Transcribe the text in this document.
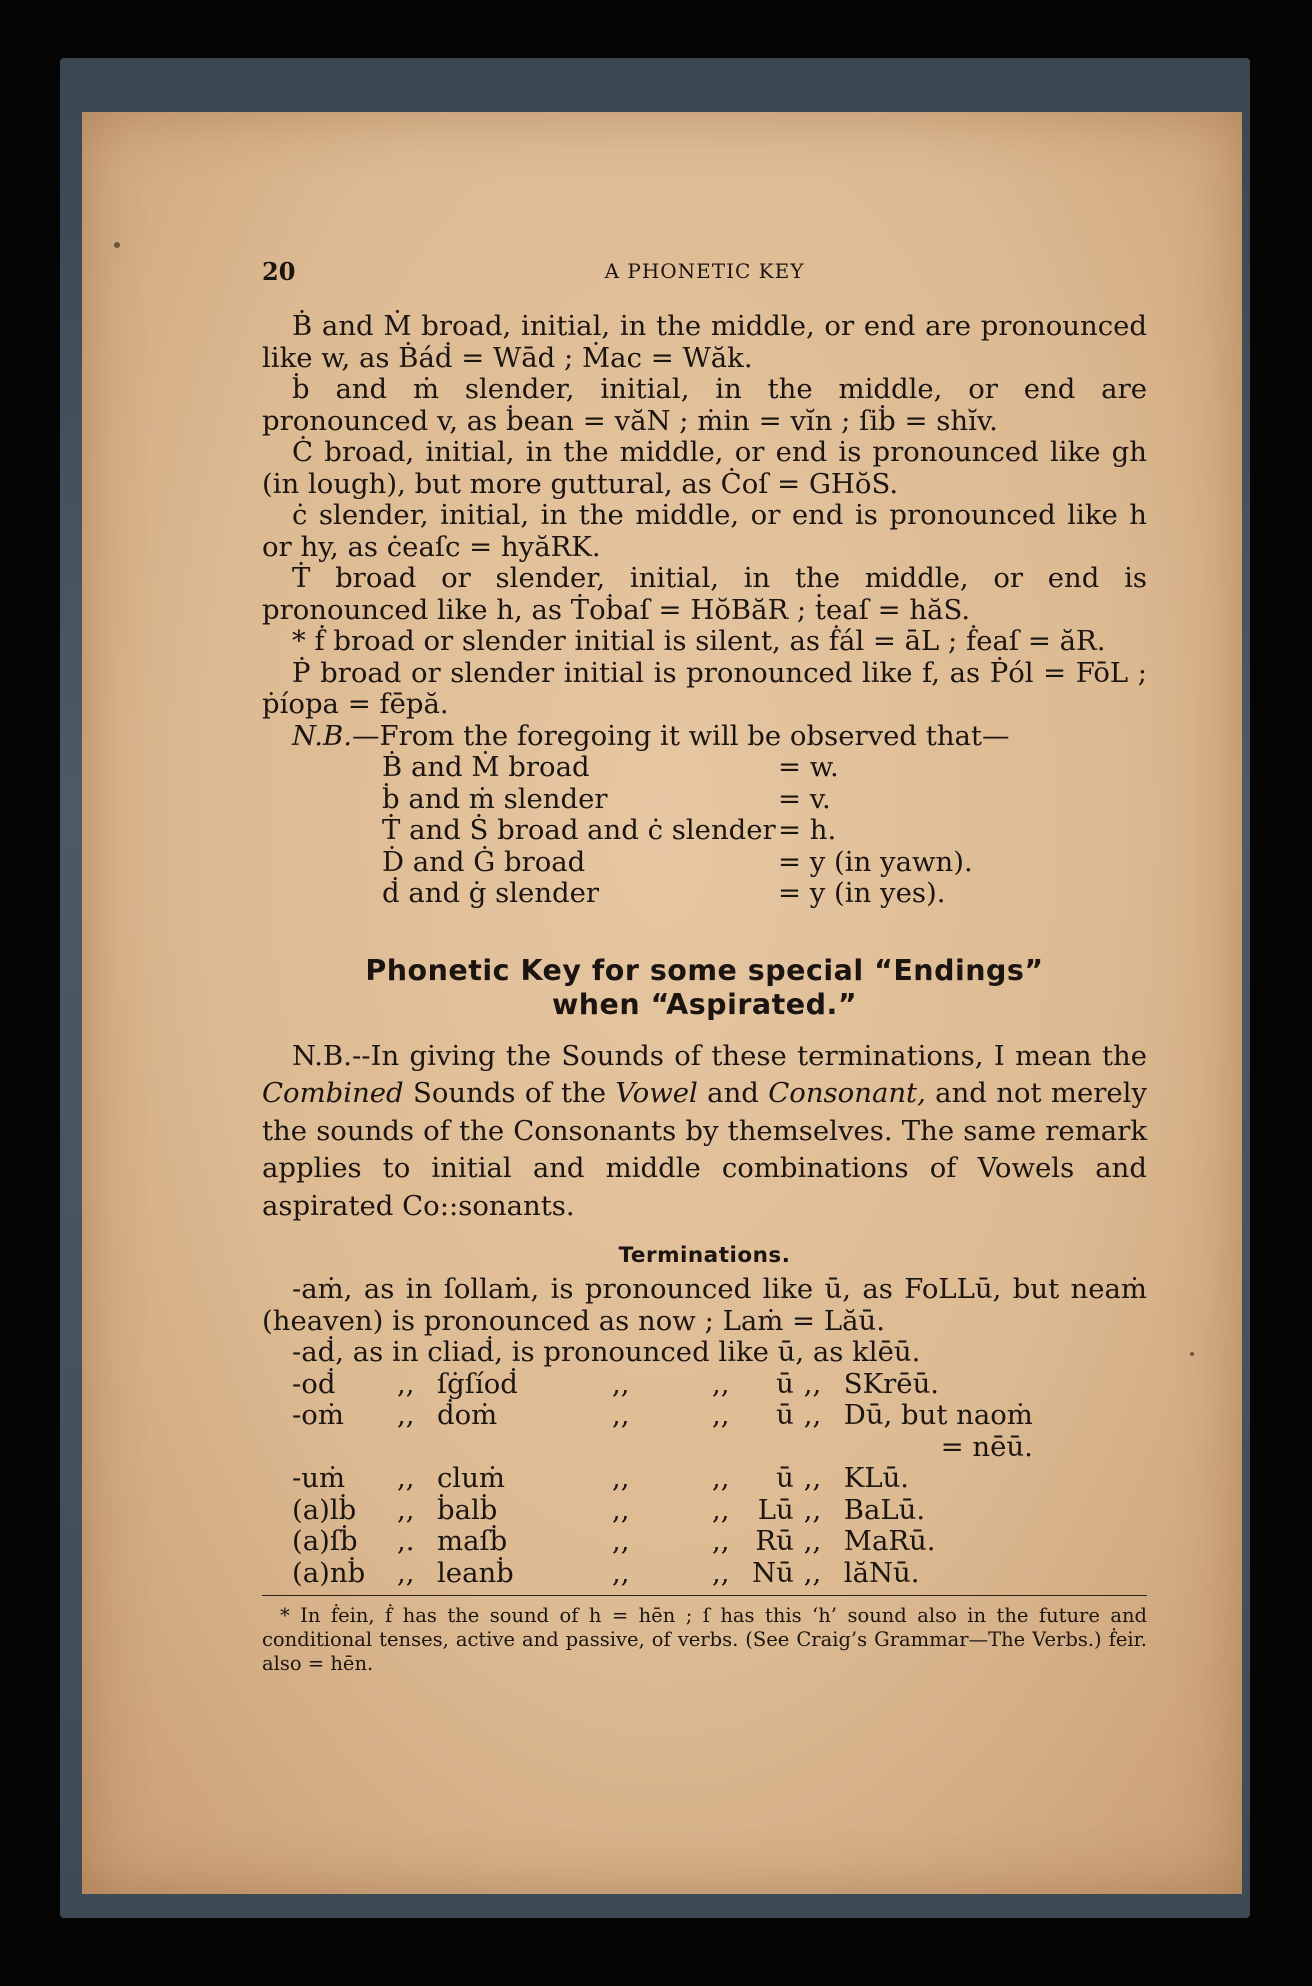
20	A PHONETIC KEY

Ḃ and Ṁ broad, initial, in the middle, or end are pronounced like w, as Ḃáḋ = Wād ; Ṁac = Wăk.

ḃ and ṁ slender, initial, in the middle, or end are pronounced v, as ḃean = văN ; ṁin = vĭn ; ſiḃ = shĭv.

Ċ broad, initial, in the middle, or end is pronounced like gh (in lough), but more guttural, as Ċoſ = GHŏS.

ċ slender, initial, in the middle, or end is pronounced like h or hy, as ċeaſc = hyăRK.

Ṫ broad or slender, initial, in the middle, or end is pronounced like h, as Ṫoḃaſ = HŏBăR ; ṫeaſ = hăS.

* ḟ broad or slender initial is silent, as ḟál = āL ; ḟeaſ = ăR.

Ṗ broad or slender initial is pronounced like f, as Ṗól = FōL ; ṗíopa = fēpă.

N.B.—From the foregoing it will be observed that—

Ḃ and Ṁ broad	= w.
ḃ and ṁ slender	= v.
Ṫ and Ṡ broad and ċ slender	= h.
Ḋ and Ġ broad	= y (in yawn).
ḋ and ġ slender	= y (in yes).
Phonetic Key for some special “Endings”
when “Aspirated.”

N.B.--In giving the Sounds of these terminations, I mean the Combined Sounds of the Vowel and Consonant, and not merely the sounds of the Consonants by themselves. The same remark applies to initial and middle combinations of Vowels and aspirated Co::sonants.

Terminations.

-aṁ, as in ſollaṁ, is pronounced like ū, as FoLLū, but neaṁ (heaven) is pronounced as now ; Laṁ = Lăū.

-aḋ, as in cliaḋ, is pronounced like ū, as klēū.

-oḋ	,,	ſġſíoḋ	,,	,,	ū	,,	SKrēū.
-oṁ	,,	ḋoṁ	,,	,,	ū	,,	Dū, but naoṁ
= nēū.							
-uṁ	,,	cluṁ	,,	,,	ū	,,	KLū.
(a)lḃ	,,	ḃalḃ	,,	,,	Lū	,,	BaLū.
(a)ſḃ	,.	maſḃ	,,	,,	Rū	,,	MaRū.
(a)nḃ	,,	leanḃ	,,	,,	Nū	,,	lăNū.

* In ḟein, ḟ has the sound of h = hēn ; ſ has this ‘h’ sound also in the future and conditional tenses, active and passive, of verbs. (See Craig’s Grammar—The Verbs.) ḟeir. also = hēn.
